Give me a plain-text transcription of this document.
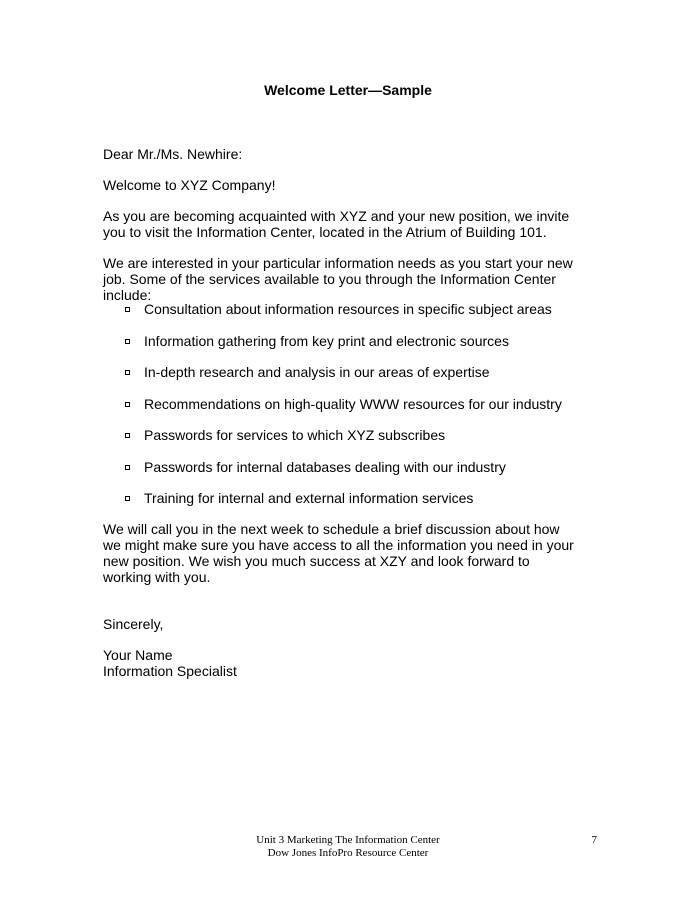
Welcome Letter—Sample

Dear Mr./Ms. Newhire:

Welcome to XYZ Company!

As you are becoming acquainted with XYZ and your new position, we invite you to visit the Information Center, located in the Atrium of Building 101.

We are interested in your particular information needs as you start your new job. Some of the services available to you through the Information Center include:

Consultation about information resources in specific subject areas
Information gathering from key print and electronic sources
In-depth research and analysis in our areas of expertise
Recommendations on high-quality WWW resources for our industry
Passwords for services to which XYZ subscribes
Passwords for internal databases dealing with our industry
Training for internal and external information services

We will call you in the next week to schedule a brief discussion about how we might make sure you have access to all the information you need in your new position. We wish you much success at XZY and look forward to working with you.

Sincerely,

Your Name

Information Specialist

Unit 3 Marketing The Information Center
Dow Jones InfoPro Resource Center
7
